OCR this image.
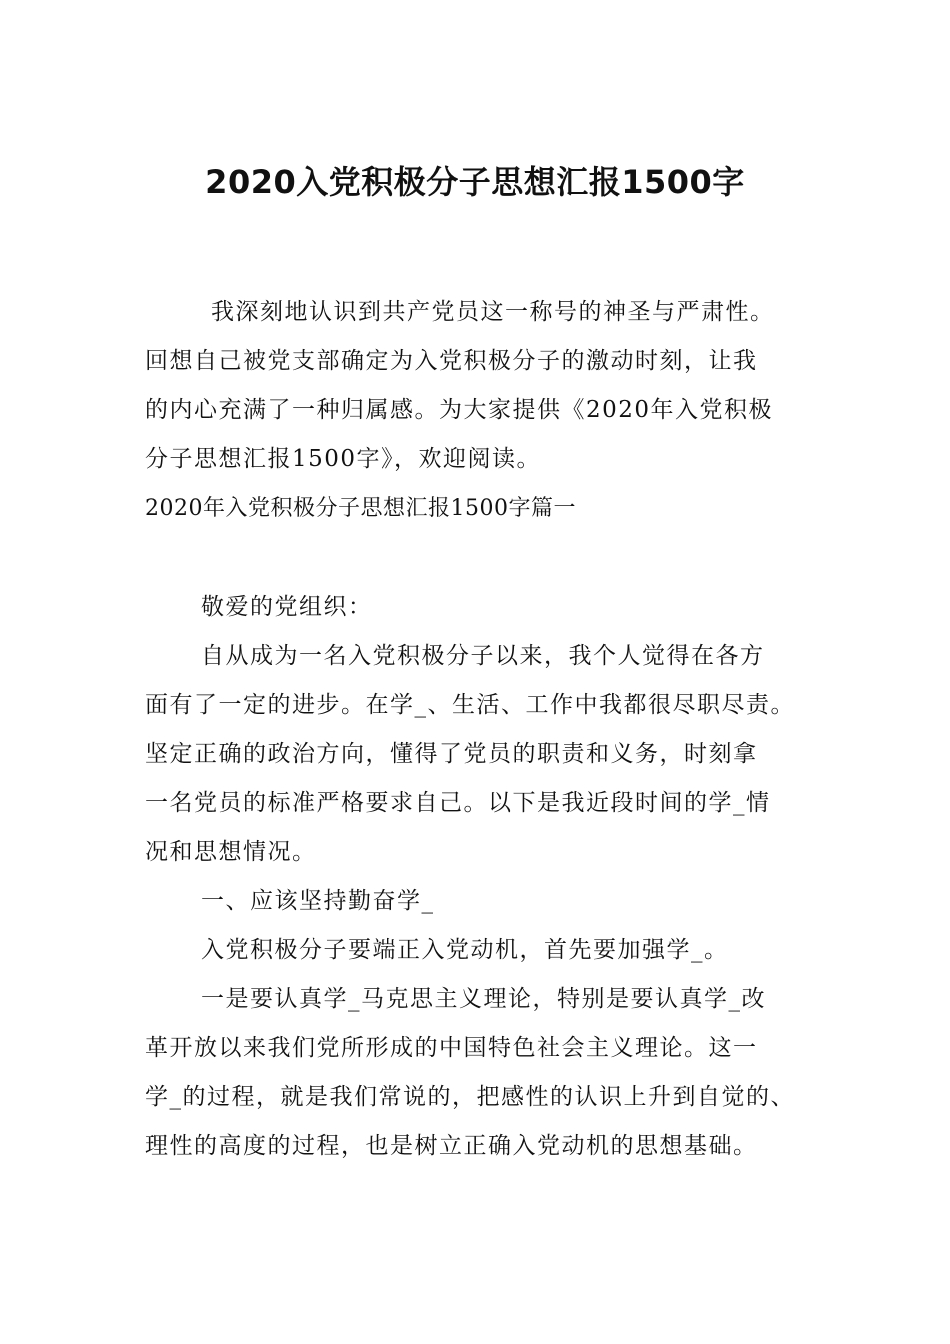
2020入党积极分子思想汇报1500字

我深刻地认识到共产党员这一称号的神圣与严肃性。
回想自己被党支部确定为入党积极分子的激动时刻，让我
的内心充满了一种归属感。为大家提供《2020年入党积极
分子思想汇报1500字》，欢迎阅读。

2020年入党积极分子思想汇报1500字篇一

敬爱的党组织：

自从成为一名入党积极分子以来，我个人觉得在各方
面有了一定的进步。在学_、生活、工作中我都很尽职尽责。
坚定正确的政治方向，懂得了党员的职责和义务，时刻拿
一名党员的标准严格要求自己。以下是我近段时间的学_情
况和思想情况。

一、应该坚持勤奋学_

入党积极分子要端正入党动机，首先要加强学_。

一是要认真学_马克思主义理论，特别是要认真学_改
革开放以来我们党所形成的中国特色社会主义理论。这一
学_的过程，就是我们常说的，把感性的认识上升到自觉的、
理性的高度的过程，也是树立正确入党动机的思想基础。
